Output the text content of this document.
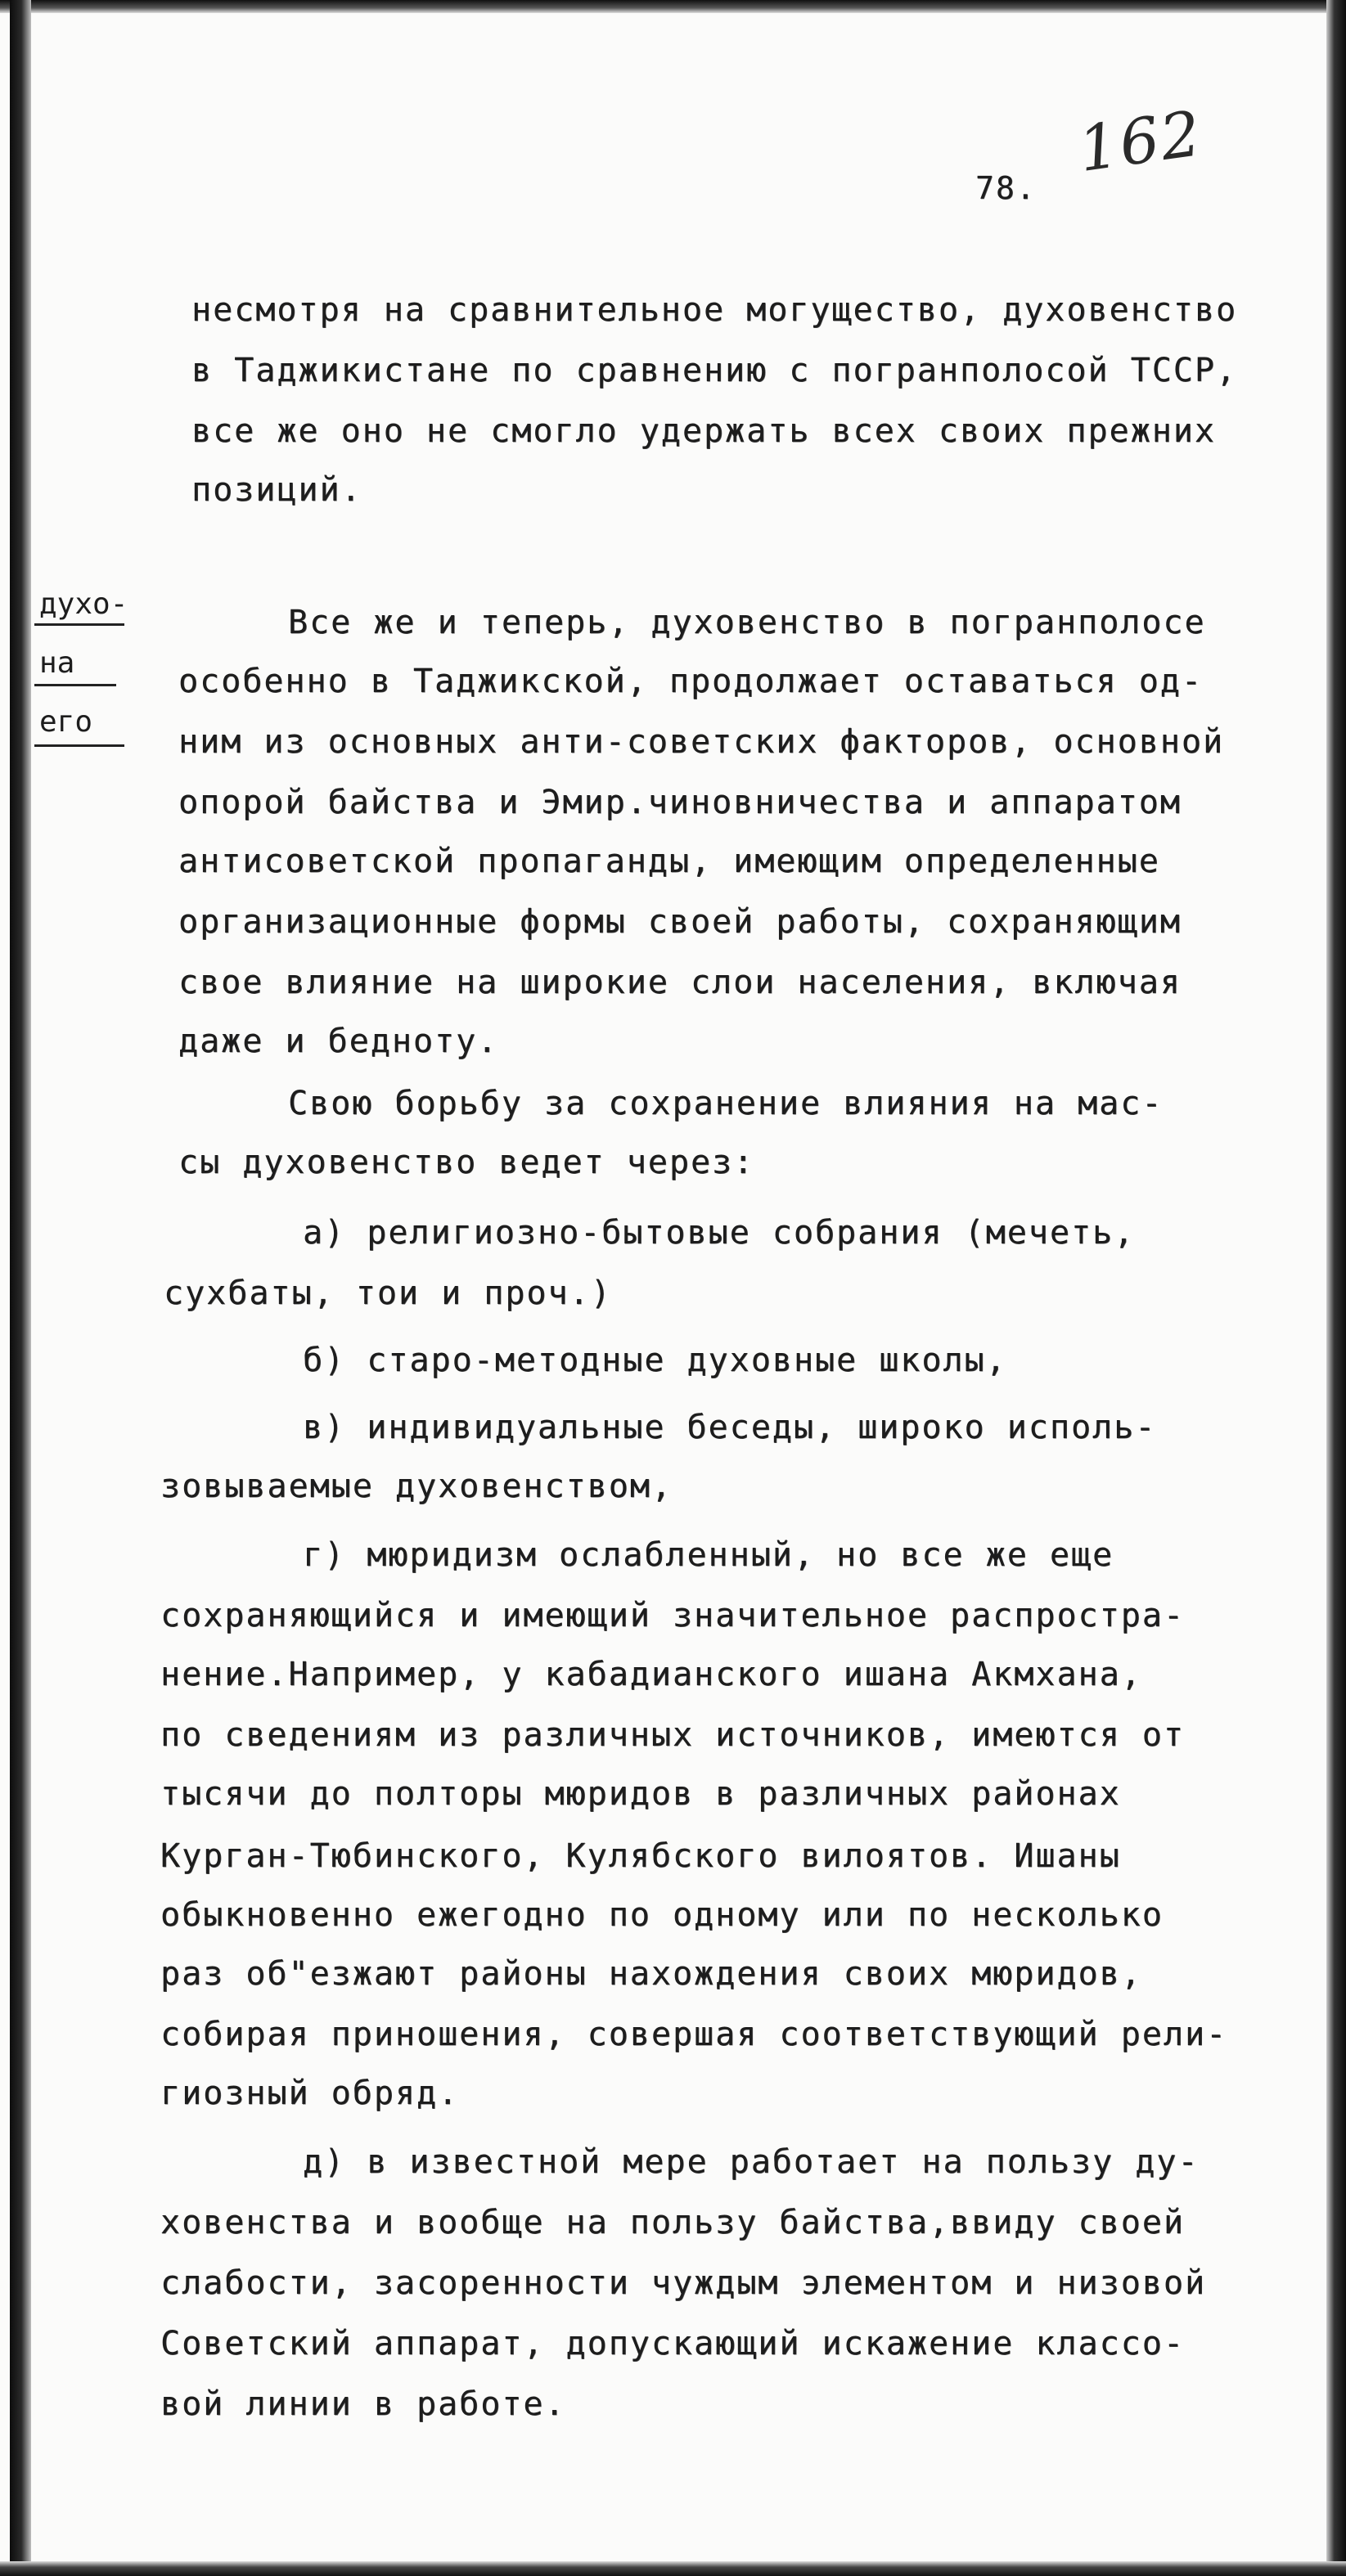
162
78.
духо-
на
его
несмотря на сравнительное могущество, духовенство
в Таджикистане по сравнению с погранполосой ТССР,
все же оно не смогло удержать всех своих прежних
позиций.
Все же и теперь, духовенство в погранполосе
особенно в Таджикской, продолжает оставаться од-
ним из основных анти-советских факторов, основной
опорой байства и Эмир.чиновничества и аппаратом
антисоветской пропаганды, имеющим определенные
организационные формы своей работы, сохраняющим
свое влияние на широкие слои населения, включая
даже и бедноту.
Свою борьбу за сохранение влияния на мас-
сы духовенство ведет через:
а) религиозно-бытовые собрания (мечеть,
сухбаты, тои и проч.)
б) старо-методные духовные школы,
в) индивидуальные беседы, широко исполь-
зовываемые духовенством,
г) мюридизм ослабленный, но все же еще
сохраняющийся и имеющий значительное распростра-
нение.Например, у кабадианского ишана Акмхана,
по сведениям из различных источников, имеются от
тысячи до полторы мюридов в различных районах
Курган-Тюбинского, Кулябского вилоятов. Ишаны
обыкновенно ежегодно по одному или по несколько
раз об"езжают районы нахождения своих мюридов,
собирая приношения, совершая соответствующий рели-
гиозный обряд.
д) в известной мере работает на пользу ду-
ховенства и вообще на пользу байства,ввиду своей
слабости, засоренности чуждым элементом и низовой
Советский аппарат, допускающий искажение классо-
вой линии в работе.
